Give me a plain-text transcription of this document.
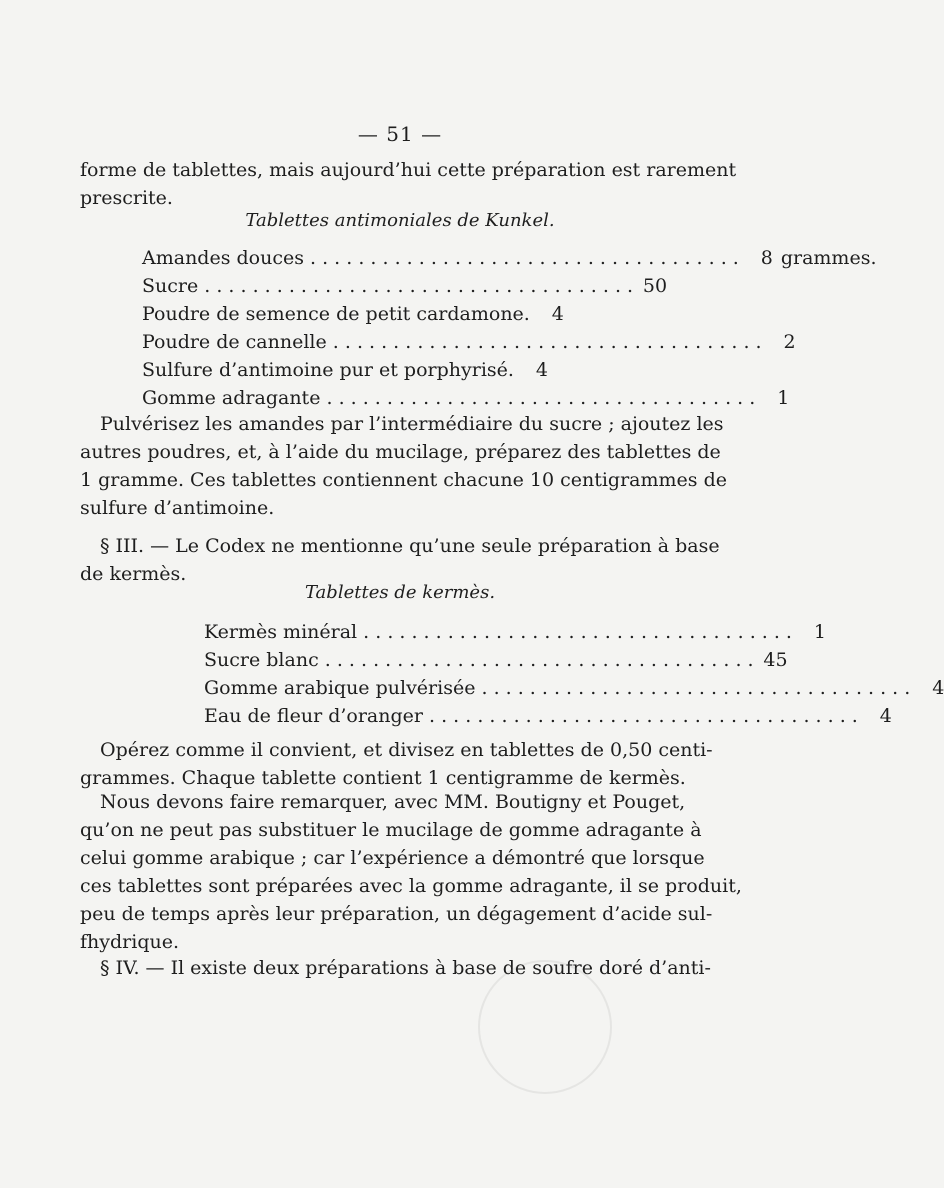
— 51 —
forme de tablettes, mais aujourd’hui cette préparation est rarement
prescrite.
Tablettes antimoniales de Kunkel.
Amandes douces . . .	8 grammes.
Sucre . . .	50
Poudre de semence de petit cardamone.	4
Poudre de cannelle . . .	2
Sulfure d’antimoine pur et porphyrisé.	4
Gomme adragante . . .	1
Pulvérisez les amandes par l’intermédiaire du sucre ; ajoutez les
autres poudres, et, à l’aide du mucilage, préparez des tablettes de
1 gramme. Ces tablettes contiennent chacune 10 centigrammes de
sulfure d’antimoine.
§ III. — Le Codex ne mentionne qu’une seule préparation à base
de kermès.
Tablettes de kermès.
Kermès minéral . . .	1
Sucre blanc . . .	45
Gomme arabique pulvérisée . . .	4
Eau de fleur d’oranger . . .	4
Opérez comme il convient, et divisez en tablettes de 0,50 centi-
grammes. Chaque tablette contient 1 centigramme de kermès.
Nous devons faire remarquer, avec MM. Boutigny et Pouget,
qu’on ne peut pas substituer le mucilage de gomme adragante à
celui gomme arabique ; car l’expérience a démontré que lorsque
ces tablettes sont préparées avec la gomme adragante, il se produit,
peu de temps après leur préparation, un dégagement d’acide sul-
fhydrique.
§ IV. — Il existe deux préparations à base de soufre doré d’anti-
